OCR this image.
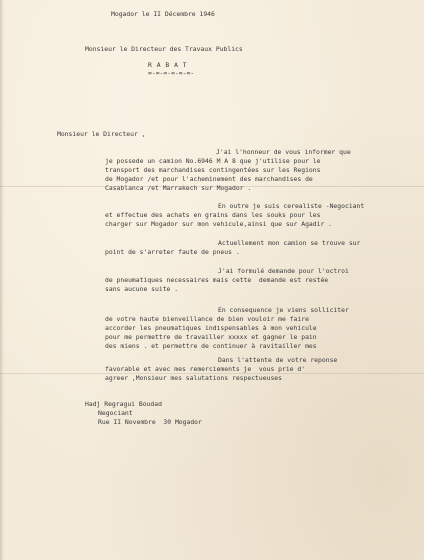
Mogador le II Décembre 1946

Monsieur le Directeur des Travaux Publics

R A B A T

=-=-=-=-=-=-

Monsieur le Directeur ,

J'ai l'honneur de vous informer que

je possede un camion No.6946 M A 8 que j'utilise pour le

transport des marchandises contingentées sur les Regions

de Mogador /et pour l'acheminement des marchandises de

Casablanca /et Marrakech sur Mogador .

En outre je suis cerealiste -Negociant

et effectue des achats en grains dans les souks pour les

charger sur Mogador sur mon vehicule,ainsi que sur Agadir .

Actuellement mon camion se trouve sur

point de s'arreter faute de pneus .

J'ai formulé demande pour l'octroi

de pneumatiques necessaires mais cette  demande est restée

sans aucune suite .

En consequence je viens solliciter

de votre haute bienveillance de bien vouloir me faire

accorder les pneumatiques indispensables à mon vehicule

pour me permettre de travailler xxxxx et gagner le pain

des miens . et permettre de continuer à ravitailler mes

Dans l'attente de votre reponse

favorable et avec mes remerciements je  vous prie d'

agreer ,Monsieur mes salutations respectueuses

Hadj Regragui Boudad

Negociant

Rue II Novembre  30 Mogador
